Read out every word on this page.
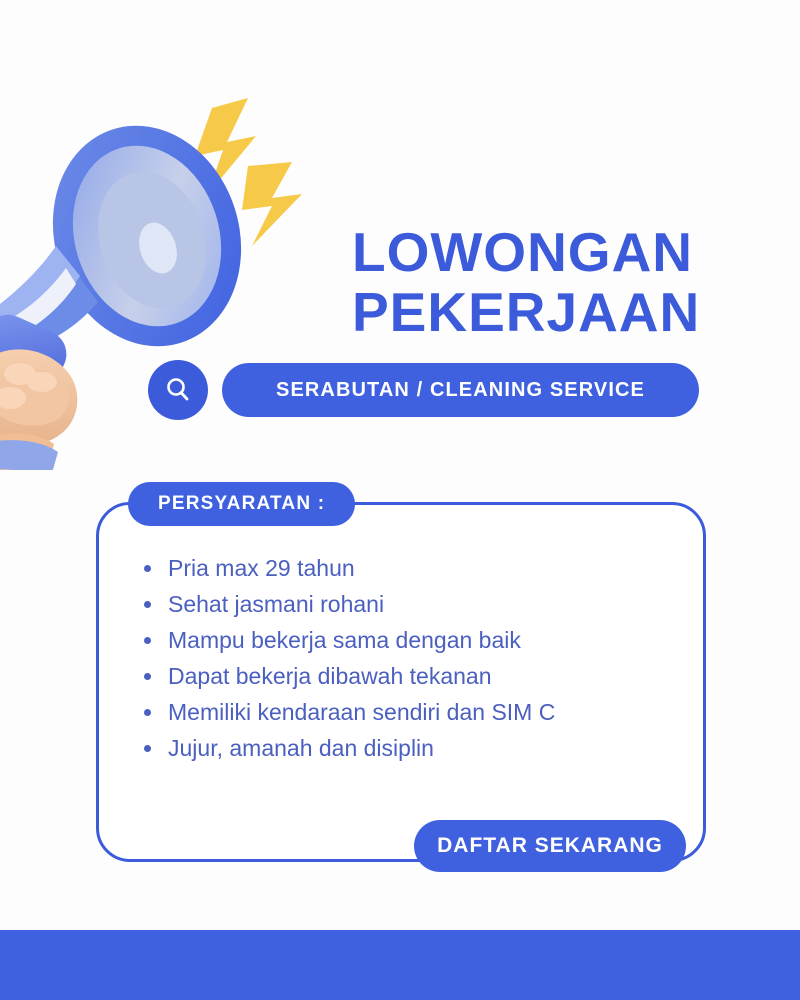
LOWONGAN
PEKERJAAN
SERABUTAN / CLEANING SERVICE
PERSYARATAN :
Pria max 29 tahun
Sehat jasmani rohani
Mampu bekerja sama dengan baik
Dapat bekerja dibawah tekanan
Memiliki kendaraan sendiri dan SIM C
Jujur, amanah dan disiplin
DAFTAR SEKARANG
